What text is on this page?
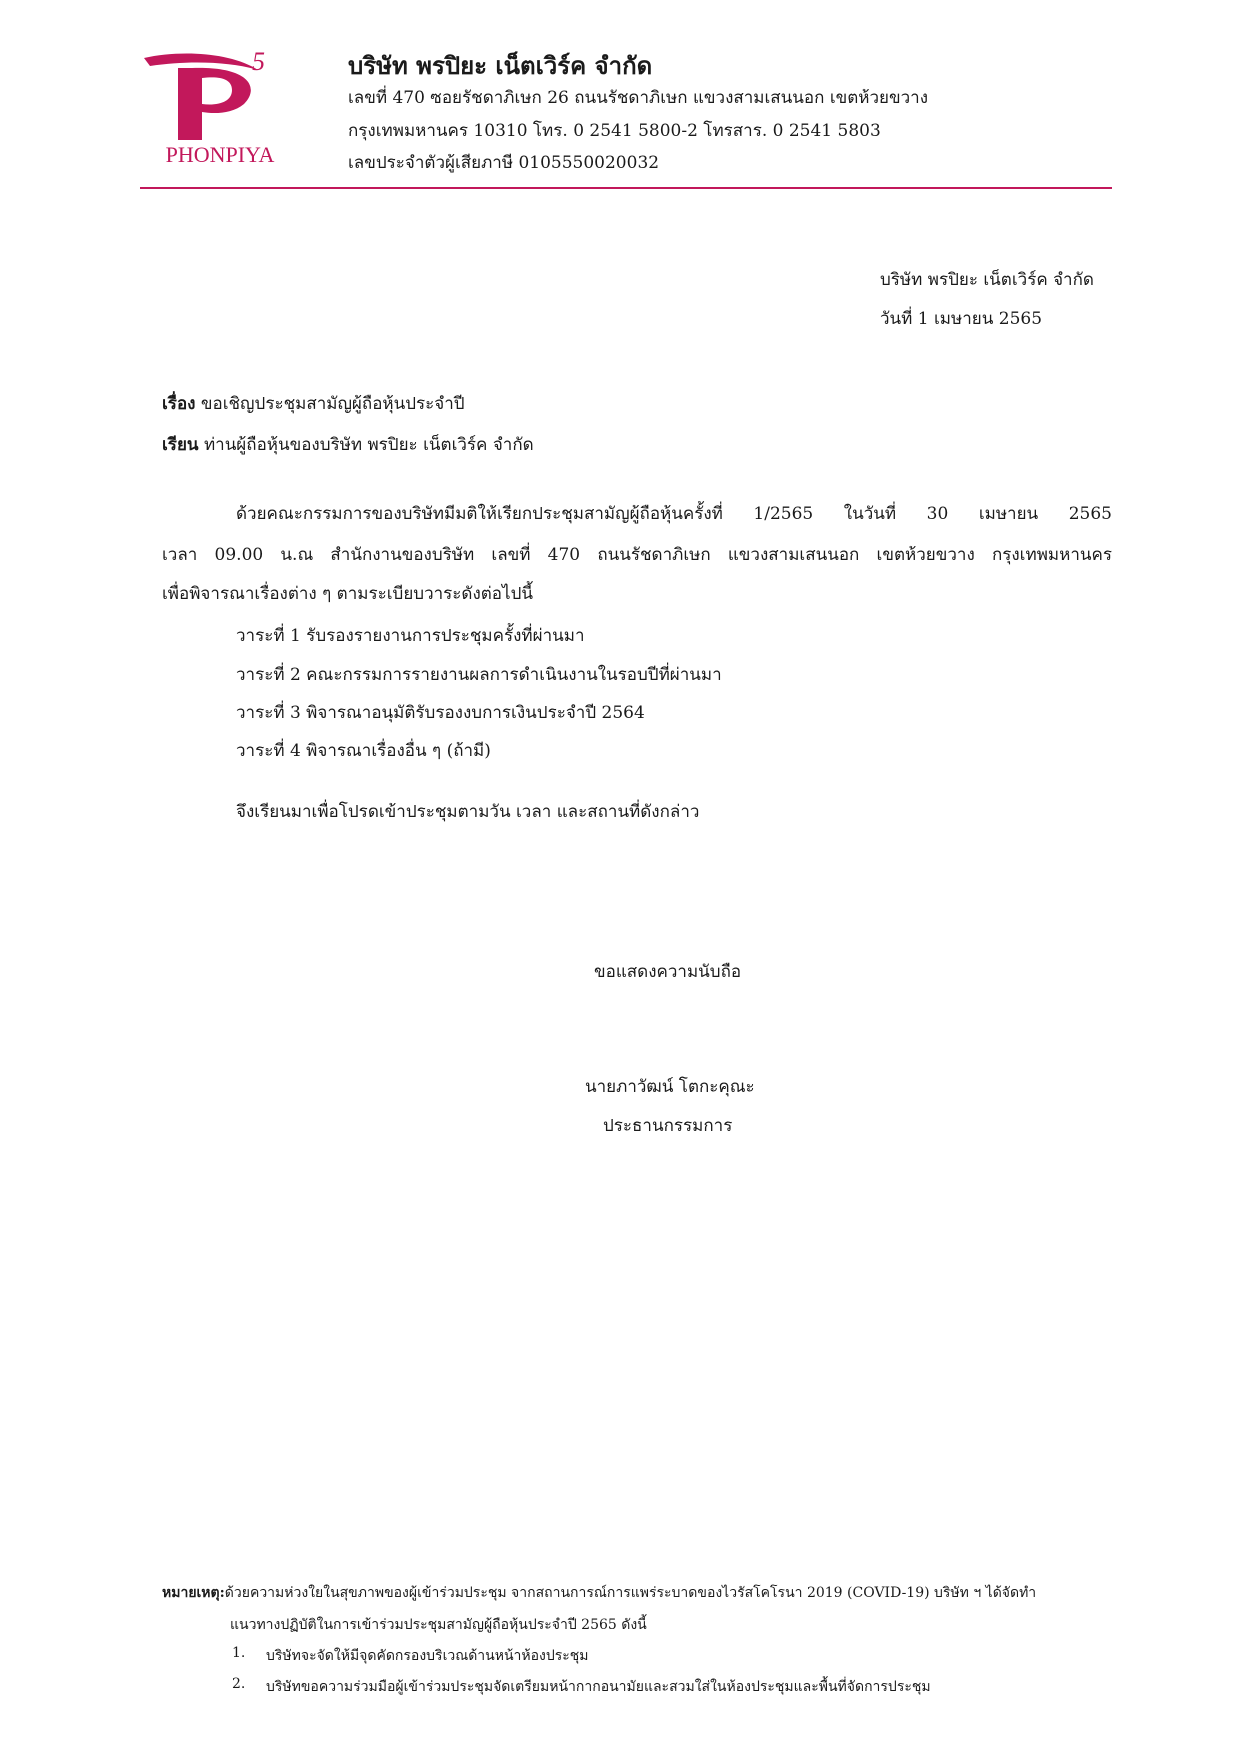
5
PHONPIYA
บริษัท พรปิยะ เน็ตเวิร์ค จำกัด
เลขที่ 470 ซอยรัชดาภิเษก 26 ถนนรัชดาภิเษก แขวงสามเสนนอก เขตห้วยขวาง
กรุงเทพมหานคร 10310 โทร. 0 2541 5800-2 โทรสาร. 0 2541 5803
เลขประจำตัวผู้เสียภาษี 0105550020032
บริษัท พรปิยะ เน็ตเวิร์ค จำกัด
วันที่ 1 เมษายน 2565
เรื่อง ขอเชิญประชุมสามัญผู้ถือหุ้นประจำปี
เรียน ท่านผู้ถือหุ้นของบริษัท พรปิยะ เน็ตเวิร์ค จำกัด
ด้วยคณะกรรมการของบริษัทมีมติให้เรียกประชุมสามัญผู้ถือหุ้นครั้งที่ 1/2565 ในวันที่ 30 เมษายน 2565
เวลา 09.00 น.ณ สำนักงานของบริษัท เลขที่ 470 ถนนรัชดาภิเษก แขวงสามเสนนอก เขตห้วยขวาง กรุงเทพมหานคร
เพื่อพิจารณาเรื่องต่าง ๆ ตามระเบียบวาระดังต่อไปนี้
วาระที่ 1 รับรองรายงานการประชุมครั้งที่ผ่านมา
วาระที่ 2 คณะกรรมการรายงานผลการดำเนินงานในรอบปีที่ผ่านมา
วาระที่ 3 พิจารณาอนุมัติรับรองงบการเงินประจำปี 2564
วาระที่ 4 พิจารณาเรื่องอื่น ๆ (ถ้ามี)
จึงเรียนมาเพื่อโปรดเข้าประชุมตามวัน เวลา และสถานที่ดังกล่าว
ขอแสดงความนับถือ
นายภาวัฒน์ โตกะคุณะ
ประธานกรรมการ
หมายเหตุ:ด้วยความห่วงใยในสุขภาพของผู้เข้าร่วมประชุม จากสถานการณ์การแพร่ระบาดของไวรัสโคโรนา 2019 (COVID-19) บริษัท ฯ ได้จัดทำ
แนวทางปฏิบัติในการเข้าร่วมประชุมสามัญผู้ถือหุ้นประจำปี 2565 ดังนี้
1. บริษัทจะจัดให้มีจุดคัดกรองบริเวณด้านหน้าห้องประชุม
2. บริษัทขอความร่วมมือผู้เข้าร่วมประชุมจัดเตรียมหน้ากากอนามัยและสวมใส่ในห้องประชุมและพื้นที่จัดการประชุม
